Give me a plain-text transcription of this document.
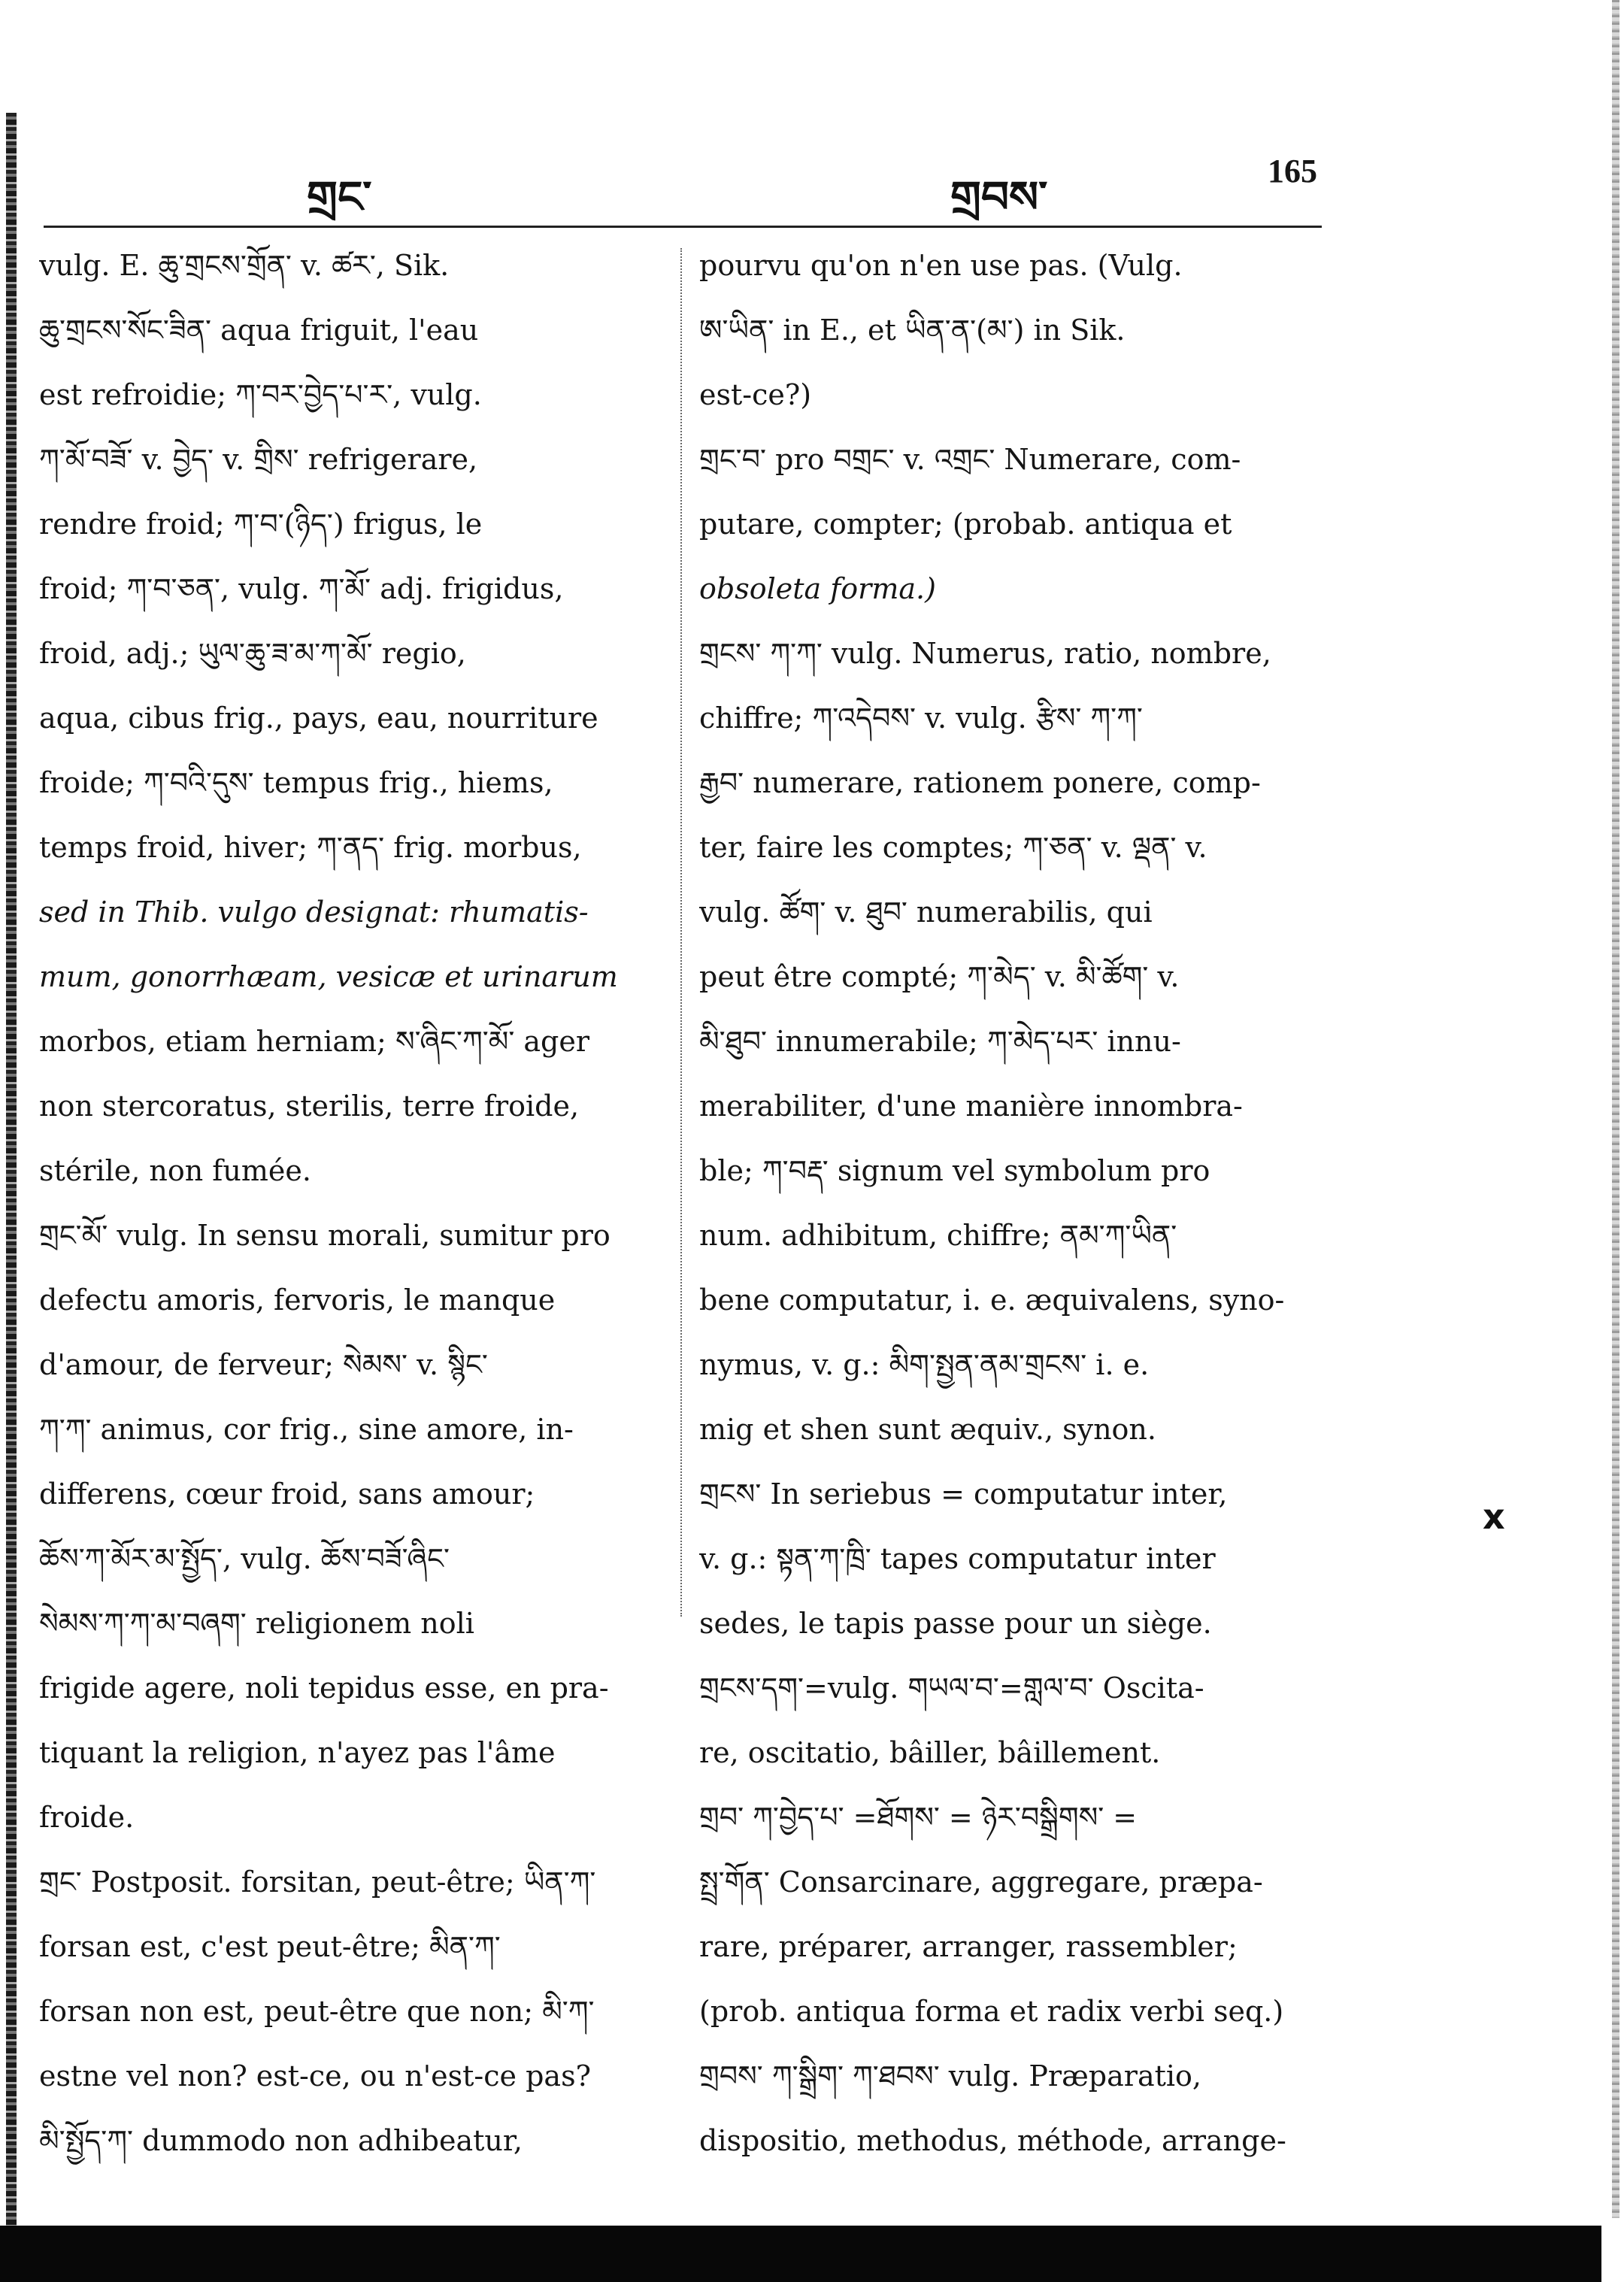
གྲང་	གྲབས་
165
vulg. E. ཆུ་གྲངས་གྲོན་ v. ཚར་, Sik.
ཆུ་གྲངས་སོང་ཟིན་ aqua friguit, l'eau
est refroidie; ཀ་བར་བྱེད་པ་ར་, vulg.
ཀ་མོ་བཟོ་ v. བྱེད་ v. གྲིས་ refrigerare,
rendre froid; ཀ་བ་(ཉིད་) frigus, le
froid; ཀ་བ་ཅན་, vulg. ཀ་མོ་ adj. frigidus,
froid, adj.; ཡུལ་ཆུ་ཟ་མ་ཀ་མོ་ regio,
aqua, cibus frig., pays, eau, nourriture
froide; ཀ་བའི་དུས་ tempus frig., hiems,
temps froid, hiver; ཀ་ནད་ frig. morbus,
sed in Thib. vulgo designat: rhumatis-
mum, gonorrhæam, vesicæ et urinarum
morbos, etiam herniam; ས་ཞིང་ཀ་མོ་ ager
non stercoratus, sterilis, terre froide,
stérile, non fumée.
གྲང་མོ་ vulg. In sensu morali, sumitur pro
defectu amoris, fervoris, le manque
d'amour, de ferveur; སེམས་ v. སྙིང་
ཀ་ཀ་ animus, cor frig., sine amore, in-
differens, cœur froid, sans amour;
ཆོས་ཀ་མོར་མ་སྤྱོད་, vulg. ཆོས་བཟོ་ཞིང་
སེམས་ཀ་ཀ་མ་བཞག་ religionem noli
frigide agere, noli tepidus esse, en pra-
tiquant la religion, n'ayez pas l'âme
froide.
གྲང་ Postposit. forsitan, peut-être; ཡིན་ཀ་
forsan est, c'est peut-être; མིན་ཀ་
forsan non est, peut-être que non; མི་ཀ་
estne vel non? est-ce, ou n'est-ce pas?
མི་སྤྱོད་ཀ་ dummodo non adhibeatur,
pourvu qu'on n'en use pas. (Vulg.
ཨ་ཡིན་ in E., et ཡིན་ན་(མ་) in Sik.
est-ce?)
གྲང་བ་ pro བགྲང་ v. འགྲང་ Numerare, com-
putare, compter; (probab. antiqua et
obsoleta forma.)
གྲངས་ ཀ་ཀ་ vulg. Numerus, ratio, nombre,
chiffre; ཀ་འདེབས་ v. vulg. རྩིས་ ཀ་ཀ་
རྒྱབ་ numerare, rationem ponere, comp-
ter, faire les comptes; ཀ་ཅན་ v. ལྡན་ v.
vulg. ཚོག་ v. ཐུབ་ numerabilis, qui
peut être compté; ཀ་མེད་ v. མི་ཚོག་ v.
མི་ཐུབ་ innumerabile; ཀ་མེད་པར་ innu-
merabiliter, d'une manière innombra-
ble; ཀ་བརྡ་ signum vel symbolum pro
num. adhibitum, chiffre; ནམ་ཀ་ཡིན་
bene computatur, i. e. æquivalens, syno-
nymus, v. g.: མིག་སྤྱན་ནམ་གྲངས་ i. e.
mig et shen sunt æquiv., synon.
གྲངས་ In seriebus = computatur inter,
v. g.: སྟན་ཀ་ཁྲི་ tapes computatur inter
sedes, le tapis passe pour un siège.
གྲངས་དག་=vulg. གཡལ་བ་=གླལ་བ་ Oscita-
re, oscitatio, bâiller, bâillement.
གྲབ་ ཀ་བྱེད་པ་ =ཐོགས་ = ཉེར་བསྒྲིགས་ =
སྤྲ་གོན་ Consarcinare, aggregare, præpa-
rare, préparer, arranger, rassembler;
(prob. antiqua forma et radix verbi seq.)
གྲབས་ ཀ་སྒྲིག་ ཀ་ཐབས་ vulg. Præparatio,
dispositio, methodus, méthode, arrange-
x
